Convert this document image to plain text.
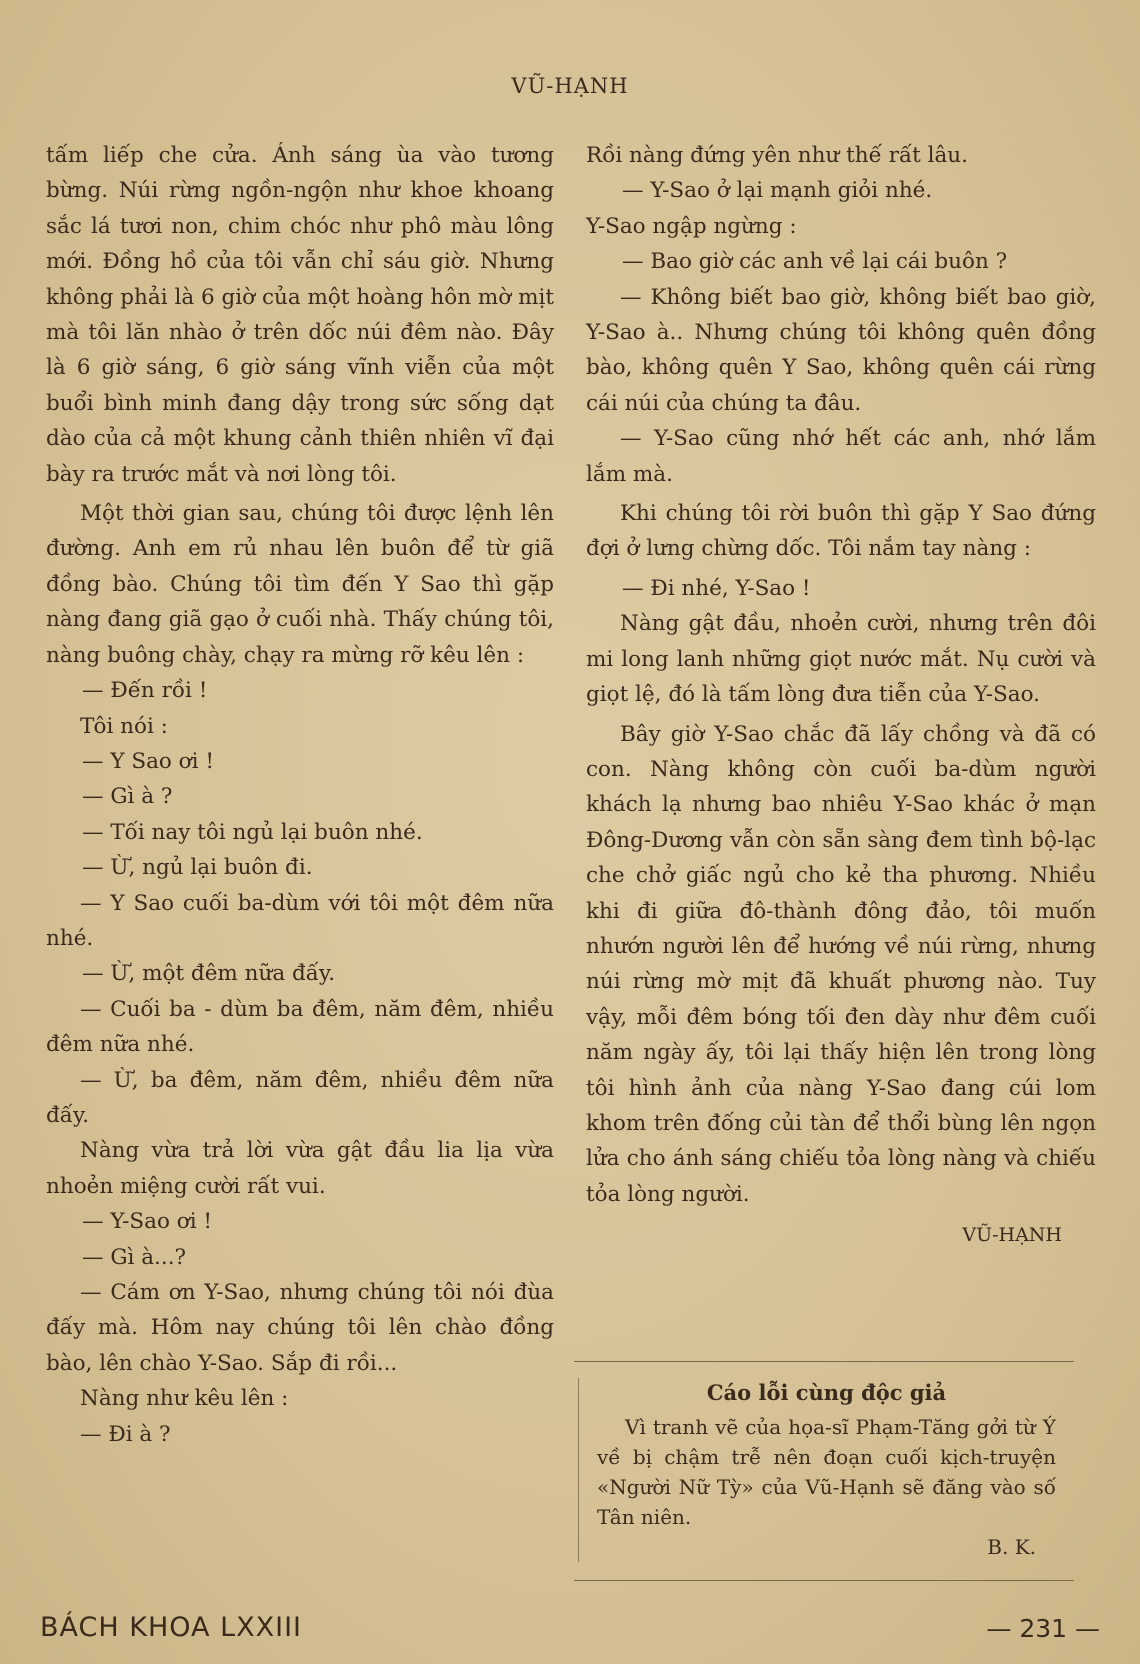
VŨ-HẠNH

tấm liếp che cửa. Ánh sáng ùa vào tương bừng. Núi rừng ngồn-ngộn như khoe khoang sắc lá tươi non, chim chóc như phô màu lông mới. Đồng hồ của tôi vẫn chỉ sáu giờ. Nhưng không phải là 6 giờ của một hoàng hôn mờ mịt mà tôi lăn nhào ở trên dốc núi đêm nào. Đây là 6 giờ sáng, 6 giờ sáng vĩnh viễn của một buổi bình minh đang dậy trong sức sống dạt dào của cả một khung cảnh thiên nhiên vĩ đại bày ra trước mắt và nơi lòng tôi.

Một thời gian sau, chúng tôi được lệnh lên đường. Anh em rủ nhau lên buôn để từ giã đồng bào. Chúng tôi tìm đến Y Sao thì gặp nàng đang giã gạo ở cuối nhà. Thấy chúng tôi, nàng buông chày, chạy ra mừng rỡ kêu lên :

— Đến rồi !

Tôi nói :

— Y Sao ơi !

— Gì à ?

— Tối nay tôi ngủ lại buôn nhé.

— Ừ, ngủ lại buôn đi.

— Y Sao cuối ba-dùm với tôi một đêm nữa nhé.

— Ừ, một đêm nữa đấy.

— Cuối ba - dùm ba đêm, năm đêm, nhiều đêm nữa nhé.

— Ừ, ba đêm, năm đêm, nhiều đêm nữa đấy.

Nàng vừa trả lời vừa gật đầu lia lịa vừa nhoẻn miệng cười rất vui.

— Y-Sao ơi !

— Gì à...?

— Cám ơn Y-Sao, nhưng chúng tôi nói đùa đấy mà. Hôm nay chúng tôi lên chào đồng bào, lên chào Y-Sao. Sắp đi rồi...

Nàng như kêu lên :

— Đi à ?

Rồi nàng đứng yên như thế rất lâu.

— Y-Sao ở lại mạnh giỏi nhé.

Y-Sao ngập ngừng :

— Bao giờ các anh về lại cái buôn ?

— Không biết bao giờ, không biết bao giờ, Y-Sao à.. Nhưng chúng tôi không quên đồng bào, không quên Y Sao, không quên cái rừng cái núi của chúng ta đâu.

— Y-Sao cũng nhớ hết các anh, nhớ lắm lắm mà.

Khi chúng tôi rời buôn thì gặp Y Sao đứng đợi ở lưng chừng dốc. Tôi nắm tay nàng :

— Đi nhé, Y-Sao !

Nàng gật đầu, nhoẻn cười, nhưng trên đôi mi long lanh những giọt nước mắt. Nụ cười và giọt lệ, đó là tấm lòng đưa tiễn của Y-Sao.

Bây giờ Y-Sao chắc đã lấy chồng và đã có con. Nàng không còn cuối ba-dùm người khách lạ nhưng bao nhiêu Y-Sao khác ở mạn Đông-Dương vẫn còn sẵn sàng đem tình bộ-lạc che chở giấc ngủ cho kẻ tha phương. Nhiều khi đi giữa đô-thành đông đảo, tôi muốn nhướn người lên để hướng về núi rừng, nhưng núi rừng mờ mịt đã khuất phương nào. Tuy vậy, mỗi đêm bóng tối đen dày như đêm cuối năm ngày ấy, tôi lại thấy hiện lên trong lòng tôi hình ảnh của nàng Y-Sao đang cúi lom khom trên đống củi tàn để thổi bùng lên ngọn lửa cho ánh sáng chiếu tỏa lòng nàng và chiếu tỏa lòng người.

VŨ-HẠNH
Cáo lỗi cùng độc giả
Vì tranh vẽ của họa-sĩ Phạm-Tăng gởi từ Ý về bị chậm trễ nên đoạn cuối kịch-truyện «Người Nữ Tỳ» của Vũ-Hạnh sẽ đăng vào số Tân niên.
B. K.
BÁCH KHOA LXXIII	— 231 —
